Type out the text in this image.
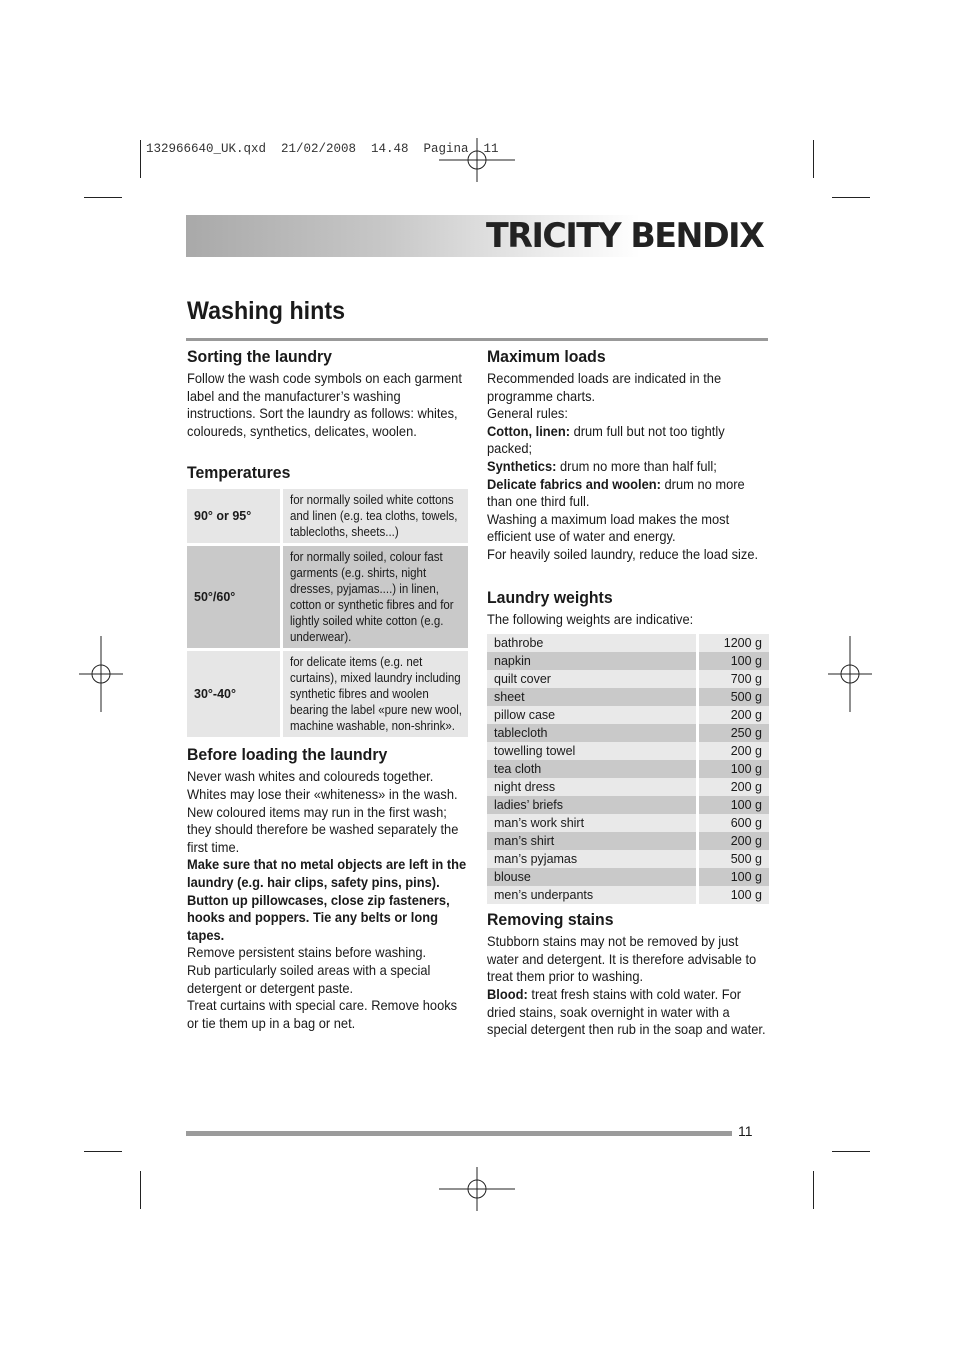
132966640_UK.qxd  21/02/2008  14.48  Pagina  11
TRICITY BENDIX
Washing hints
Sorting the laundry

Follow the wash code symbols on each garment label and the manufacturer’s washing instructions. Sort the laundry as follows: whites, coloureds, synthetics, delicates, woolen.

Temperatures
90° or 95°	for normally soiled white cottons and linen (e.g. tea cloths, towels, tablecloths, sheets...)

50°/60°	for normally soiled, colour fast garments (e.g. shirts, night dresses, pyjamas....) in linen, cotton or synthetic fibres and for lightly soiled white cotton (e.g. underwear).

30°-40°	for delicate items (e.g. net curtains), mixed laundry including synthetic fibres and woolen bearing the label «pure new wool, machine washable, non-shrink».
Before loading the laundry

Never wash whites and coloureds together. Whites may lose their «whiteness» in the wash.

New coloured items may run in the first wash; they should therefore be washed separately the first time.

Make sure that no metal objects are left in the laundry (e.g. hair clips, safety pins, pins). Button up pillowcases, close zip fasteners, hooks and poppers. Tie any belts or long tapes.

Remove persistent stains before washing.

Rub particularly soiled areas with a special detergent or detergent paste.

Treat curtains with special care. Remove hooks or tie them up in a bag or net.

Maximum loads

Recommended loads are indicated in the programme charts.

General rules:

Cotton, linen: drum full but not too tightly packed;

Synthetics: drum no more than half full;

Delicate fabrics and woolen: drum no more than one third full.

Washing a maximum load makes the most efficient use of water and energy.

For heavily soiled laundry, reduce the load size.

Laundry weights

The following weights are indicative:

bathrobe	1200 g
napkin	100 g
quilt cover	700 g
sheet	500 g
pillow case	200 g
tablecloth	250 g
towelling towel	200 g
tea cloth	100 g
night dress	200 g
ladies’ briefs	100 g
man’s work shirt	600 g
man’s shirt	200 g
man’s pyjamas	500 g
blouse	100 g
men’s underpants	100 g
Removing stains

Stubborn stains may not be removed by just water and detergent. It is therefore advisable to treat them prior to washing.

Blood: treat fresh stains with cold water. For dried stains, soak overnight in water with a special detergent then rub in the soap and water.

11
